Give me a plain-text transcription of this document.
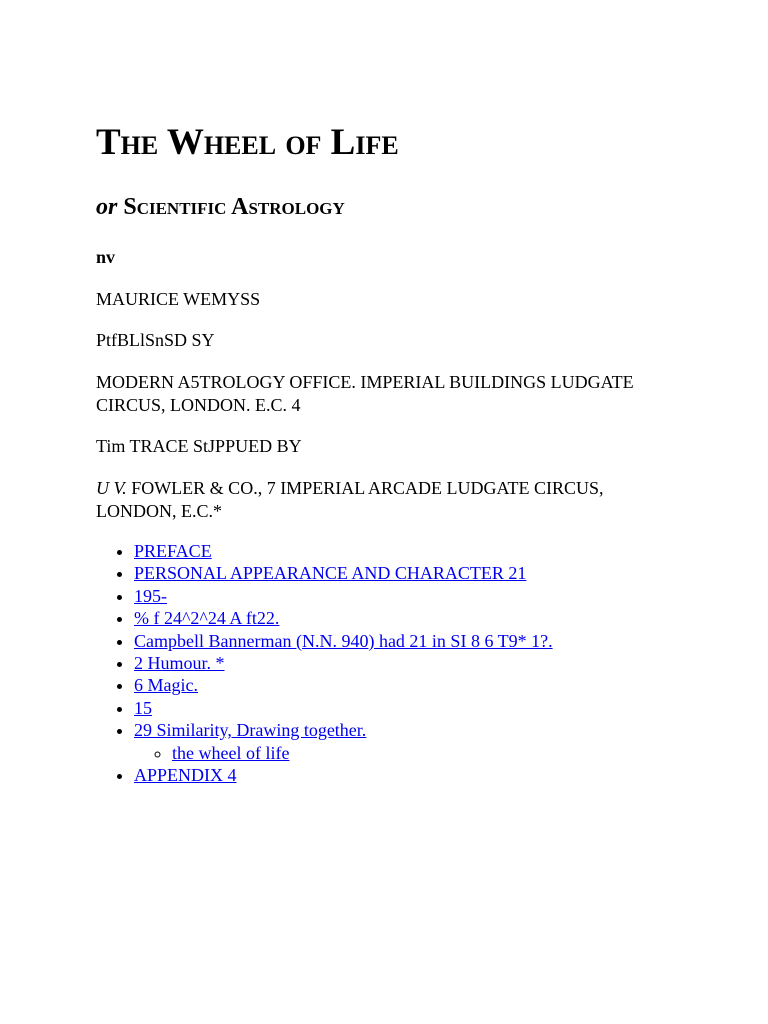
The Wheel of Life
or Scientific Astrology

nv

MAURICE WEMYSS

PtfBLlSnSD SY

MODERN A5TROLOGY OFFICE. IMPERIAL BUILDINGS LUDGATE CIRCUS, LONDON. E.C. 4

Tim TRACE StJPPUED BY

U V. FOWLER & CO., 7 IMPERIAL ARCADE LUDGATE CIRCUS, LONDON, E.C.*

• PREFACE
• PERSONAL APPEARANCE AND CHARACTER 21
• 195-
• % f 24^2^24 A ft22.
• Campbell Bannerman (N.N. 940) had 21 in SI 8 6 T9* 1?.
• 2 Humour. *
• 6 Magic.
• 15
• 29 Similarity, Drawing together.
◦ the wheel of life
• APPENDIX 4
